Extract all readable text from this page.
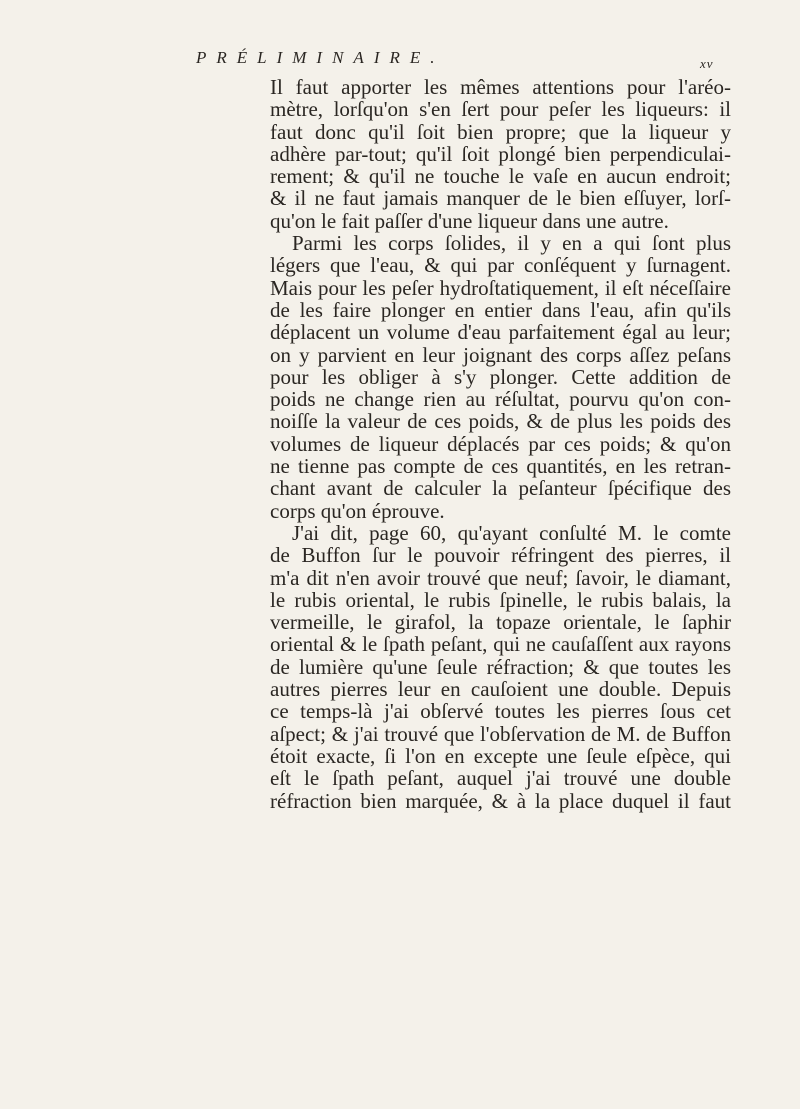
PRÉLIMINAIRE.	xv

Il faut apporter les mêmes attentions pour l'aréo-
mètre, lorſqu'on s'en ſert pour peſer les liqueurs: il
faut donc qu'il ſoit bien propre; que la liqueur y
adhère par-tout; qu'il ſoit plongé bien perpendiculai-
rement; & qu'il ne touche le vaſe en aucun endroit;
& il ne faut jamais manquer de le bien eſſuyer, lorſ-
qu'on le fait paſſer d'une liqueur dans une autre.

Parmi les corps ſolides, il y en a qui ſont plus
légers que l'eau, & qui par conſéquent y ſurnagent.
Mais pour les peſer hydroſtatiquement, il eſt néceſſaire
de les faire plonger en entier dans l'eau, afin qu'ils
déplacent un volume d'eau parfaitement égal au leur;
on y parvient en leur joignant des corps aſſez peſans
pour les obliger à s'y plonger. Cette addition de
poids ne change rien au réſultat, pourvu qu'on con-
noiſſe la valeur de ces poids, & de plus les poids des
volumes de liqueur déplacés par ces poids; & qu'on
ne tienne pas compte de ces quantités, en les retran-
chant avant de calculer la peſanteur ſpécifique des
corps qu'on éprouve.

J'ai dit, page 60, qu'ayant conſulté M. le comte
de Buffon ſur le pouvoir réfringent des pierres, il
m'a dit n'en avoir trouvé que neuf; ſavoir, le diamant,
le rubis oriental, le rubis ſpinelle, le rubis balais, la
vermeille, le girafol, la topaze orientale, le ſaphir
oriental & le ſpath peſant, qui ne cauſaſſent aux rayons
de lumière qu'une ſeule réfraction; & que toutes les
autres pierres leur en cauſoient une double. Depuis
ce temps-là j'ai obſervé toutes les pierres ſous cet
aſpect; & j'ai trouvé que l'obſervation de M. de Buffon
étoit exacte, ſi l'on en excepte une ſeule eſpèce, qui
eſt le ſpath peſant, auquel j'ai trouvé une double
réfraction bien marquée, & à la place duquel il faut
